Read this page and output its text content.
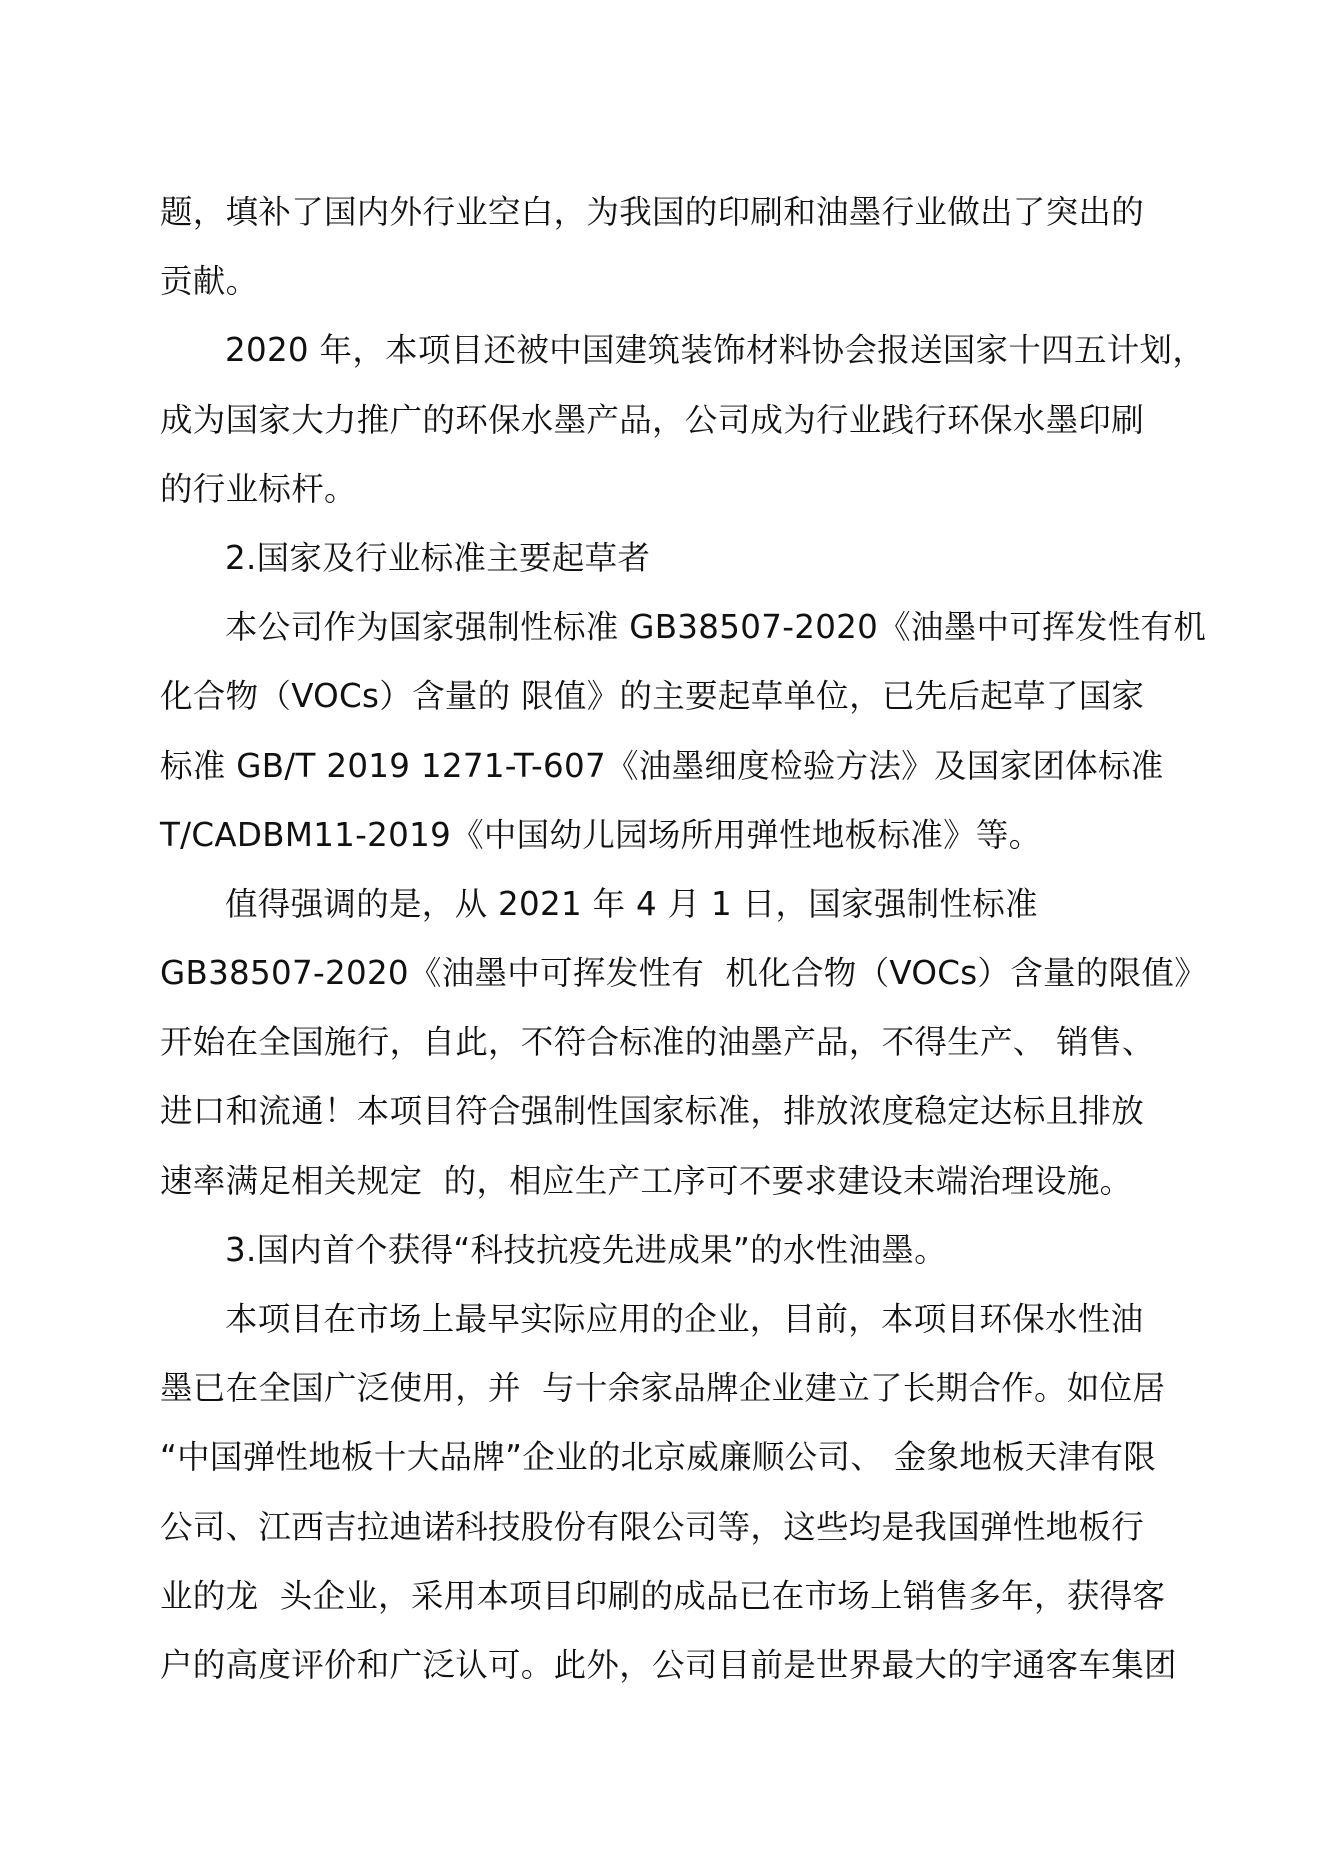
题，填补了国内外行业空白，为我国的印刷和油墨行业做出了突出的
贡献。
2020 年，本项目还被中国建筑装饰材料协会报送国家十四五计划，
成为国家大力推广的环保水墨产品，公司成为行业践行环保水墨印刷
的行业标杆。
2.国家及行业标准主要起草者
本公司作为国家强制性标准 GB38507-2020《油墨中可挥发性有机
化合物（VOCs）含量的 限值》的主要起草单位，已先后起草了国家
标准 GB/T 2019 1271-T-607《油墨细度检验方法》及国家团体标准
T/CADBM11-2019《中国幼儿园场所用弹性地板标准》等。
值得强调的是，从 2021 年 4 月 1 日，国家强制性标准
GB38507-2020《油墨中可挥发性有  机化合物（VOCs）含量的限值》
开始在全国施行，自此，不符合标准的油墨产品，不得生产、 销售、
进口和流通！本项目符合强制性国家标准，排放浓度稳定达标且排放
速率满足相关规定  的，相应生产工序可不要求建设末端治理设施。
3.国内首个获得“科技抗疫先进成果”的水性油墨。
本项目在市场上最早实际应用的企业，目前，本项目环保水性油
墨已在全国广泛使用，并  与十余家品牌企业建立了长期合作。如位居
“中国弹性地板十大品牌”企业的北京威廉顺公司、 金象地板天津有限
公司、江西吉拉迪诺科技股份有限公司等，这些均是我国弹性地板行
业的龙  头企业，采用本项目印刷的成品已在市场上销售多年，获得客
户的高度评价和广泛认可。此外，公司目前是世界最大的宇通客车集团
